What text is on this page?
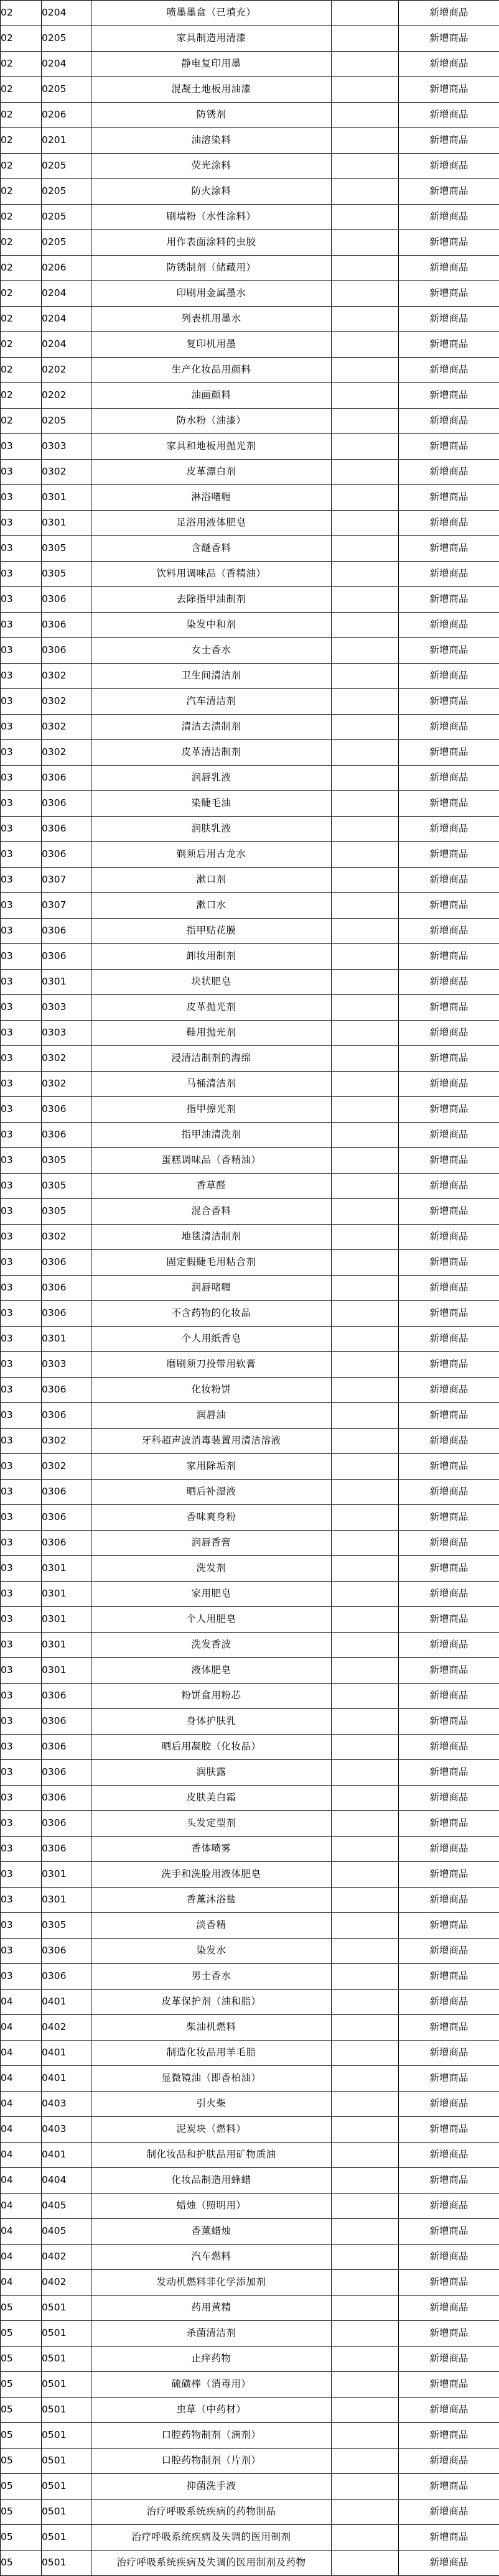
02	0204	喷墨墨盒（已填充）		新增商品
02	0205	家具制造用清漆		新增商品
02	0204	静电复印用墨		新增商品
02	0205	混凝土地板用油漆		新增商品
02	0206	防锈剂		新增商品
02	0201	油溶染料		新增商品
02	0205	荧光涂料		新增商品
02	0205	防火涂料		新增商品
02	0205	刷墙粉（水性涂料）		新增商品
02	0205	用作表面涂料的虫胶		新增商品
02	0206	防锈制剂（储藏用）		新增商品
02	0204	印刷用金属墨水		新增商品
02	0204	列表机用墨水		新增商品
02	0204	复印机用墨		新增商品
02	0202	生产化妆品用颜料		新增商品
02	0202	油画颜料		新增商品
02	0205	防水粉（油漆）		新增商品
03	0303	家具和地板用抛光剂		新增商品
03	0302	皮革漂白剂		新增商品
03	0301	淋浴啫喱		新增商品
03	0301	足浴用液体肥皂		新增商品
03	0305	含醚香料		新增商品
03	0305	饮料用调味品（香精油）		新增商品
03	0306	去除指甲油制剂		新增商品
03	0306	染发中和剂		新增商品
03	0306	女士香水		新增商品
03	0302	卫生间清洁剂		新增商品
03	0302	汽车清洁剂		新增商品
03	0302	清洁去渍制剂		新增商品
03	0302	皮革清洁制剂		新增商品
03	0306	润唇乳液		新增商品
03	0306	染睫毛油		新增商品
03	0306	润肤乳液		新增商品
03	0306	剃须后用古龙水		新增商品
03	0307	漱口剂		新增商品
03	0307	漱口水		新增商品
03	0306	指甲贴花膜		新增商品
03	0306	卸妆用制剂		新增商品
03	0301	块状肥皂		新增商品
03	0303	皮革抛光剂		新增商品
03	0303	鞋用抛光剂		新增商品
03	0302	浸清洁制剂的海绵		新增商品
03	0302	马桶清洁剂		新增商品
03	0306	指甲擦光剂		新增商品
03	0306	指甲油清洗剂		新增商品
03	0305	蛋糕调味品（香精油）		新增商品
03	0305	香草醛		新增商品
03	0305	混合香料		新增商品
03	0302	地毯清洁制剂		新增商品
03	0306	固定假睫毛用粘合剂		新增商品
03	0306	润唇啫喱		新增商品
03	0306	不含药物的化妆品		新增商品
03	0301	个人用纸香皂		新增商品
03	0303	磨刷须刀投带用软膏		新增商品
03	0306	化妆粉饼		新增商品
03	0306	润唇油		新增商品
03	0302	牙科超声波消毒装置用清洁溶液		新增商品
03	0302	家用除垢剂		新增商品
03	0306	晒后补湿液		新增商品
03	0306	香味爽身粉		新增商品
03	0306	润唇香膏		新增商品
03	0301	洗发剂		新增商品
03	0301	家用肥皂		新增商品
03	0301	个人用肥皂		新增商品
03	0301	洗发香波		新增商品
03	0301	液体肥皂		新增商品
03	0306	粉饼盒用粉芯		新增商品
03	0306	身体护肤乳		新增商品
03	0306	晒后用凝胶（化妆品）		新增商品
03	0306	润肤露		新增商品
03	0306	皮肤美白霜		新增商品
03	0306	头发定型剂		新增商品
03	0306	香体喷雾		新增商品
03	0301	洗手和洗脸用液体肥皂		新增商品
03	0301	香薰沐浴盐		新增商品
03	0305	淡香精		新增商品
03	0306	染发水		新增商品
03	0306	男士香水		新增商品
04	0401	皮革保护剂（油和脂）		新增商品
04	0402	柴油机燃料		新增商品
04	0401	制造化妆品用羊毛脂		新增商品
04	0401	显微镜油（即香柏油）		新增商品
04	0403	引火柴		新增商品
04	0403	泥炭块（燃料）		新增商品
04	0401	制化妆品和护肤品用矿物质油		新增商品
04	0404	化妆品制造用蜂蜡		新增商品
04	0405	蜡烛（照明用）		新增商品
04	0405	香薰蜡烛		新增商品
04	0402	汽车燃料		新增商品
04	0402	发动机燃料非化学添加剂		新增商品
05	0501	药用黄精		新增商品
05	0501	杀菌清洁剂		新增商品
05	0501	止痒药物		新增商品
05	0501	硫磺棒（消毒用）		新增商品
05	0501	虫草（中药材）		新增商品
05	0501	口腔药物制剂（滴剂）		新增商品
05	0501	口腔药物制剂（片剂）		新增商品
05	0501	抑菌洗手液		新增商品
05	0501	治疗呼吸系统疾病的药物制品		新增商品
05	0501	治疗呼吸系统疾病及失调的医用制剂		新增商品
05	0501	治疗呼吸系统疾病及失调的医用制剂及药物		新增商品
